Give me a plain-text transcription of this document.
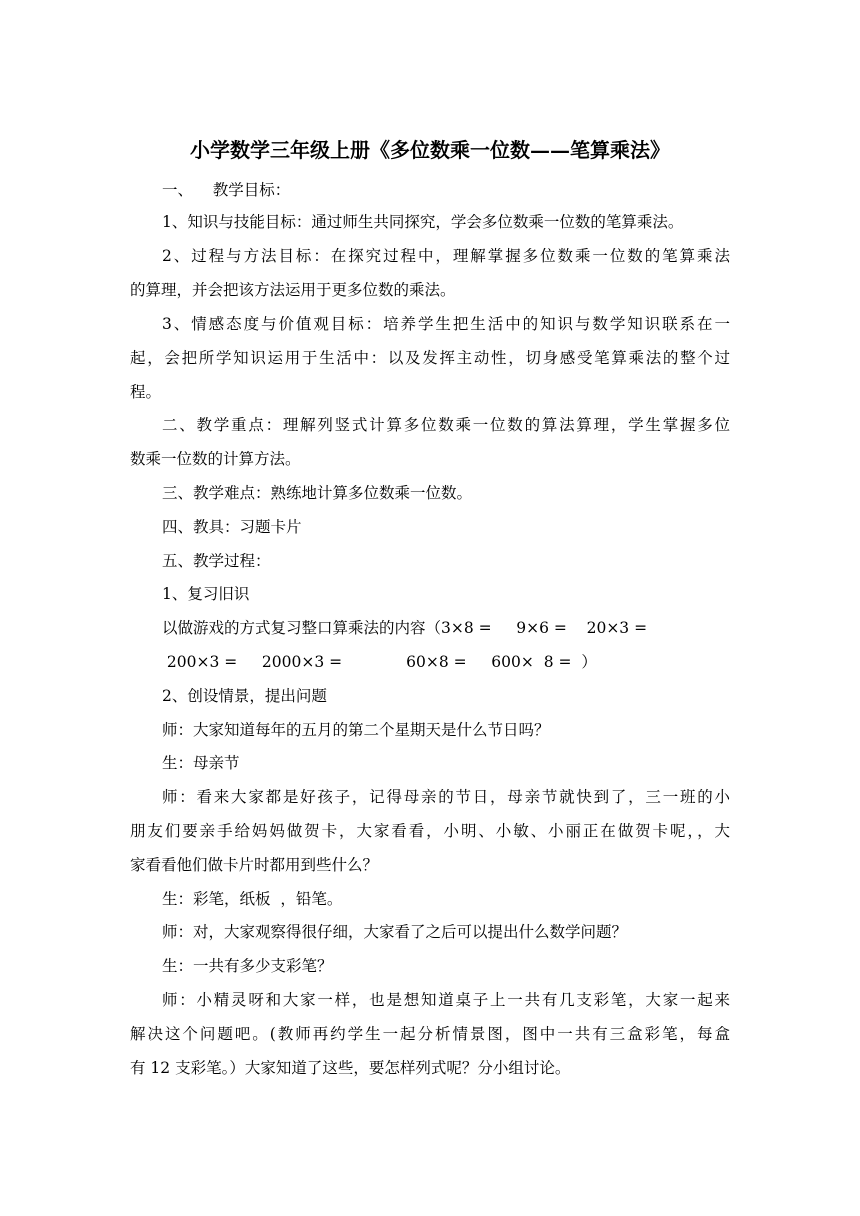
小学数学三年级上册《多位数乘一位数——笔算乘法》
一、    教学目标：
1、知识与技能目标：通过师生共同探究，学会多位数乘一位数的笔算乘法。
2、过程与方法目标：在探究过程中，理解掌握多位数乘一位数的笔算乘法
的算理，并会把该方法运用于更多位数的乘法。
3、情感态度与价值观目标：培养学生把生活中的知识与数学知识联系在一
起，会把所学知识运用于生活中：以及发挥主动性，切身感受笔算乘法的整个过
程。
二、教学重点：理解列竖式计算多位数乘一位数的算法算理，学生掌握多位
数乘一位数的计算方法。
三、教学难点：熟练地计算多位数乘一位数。
四、教具：习题卡片
五、教学过程：
1、复习旧识
以做游戏的方式复习整口算乘法的内容（3×8 =     9×6 =    20×3 =
200×3 =     2000×3 =             60×8 =     600×  8 =  ）
2、创设情景，提出问题
师：大家知道每年的五月的第二个星期天是什么节日吗？
生：母亲节
师：看来大家都是好孩子，记得母亲的节日，母亲节就快到了，三一班的小
朋友们要亲手给妈妈做贺卡，大家看看，小明、小敏、小丽正在做贺卡呢，，大
家看看他们做卡片时都用到些什么？
生：彩笔，纸板  ，铅笔。
师：对，大家观察得很仔细，大家看了之后可以提出什么数学问题？
生：一共有多少支彩笔？
师：小精灵呀和大家一样，也是想知道桌子上一共有几支彩笔，大家一起来
解决这个问题吧。(教师再约学生一起分析情景图，图中一共有三盒彩笔，每盒
有 12 支彩笔。）大家知道了这些，要怎样列式呢？分小组讨论。
